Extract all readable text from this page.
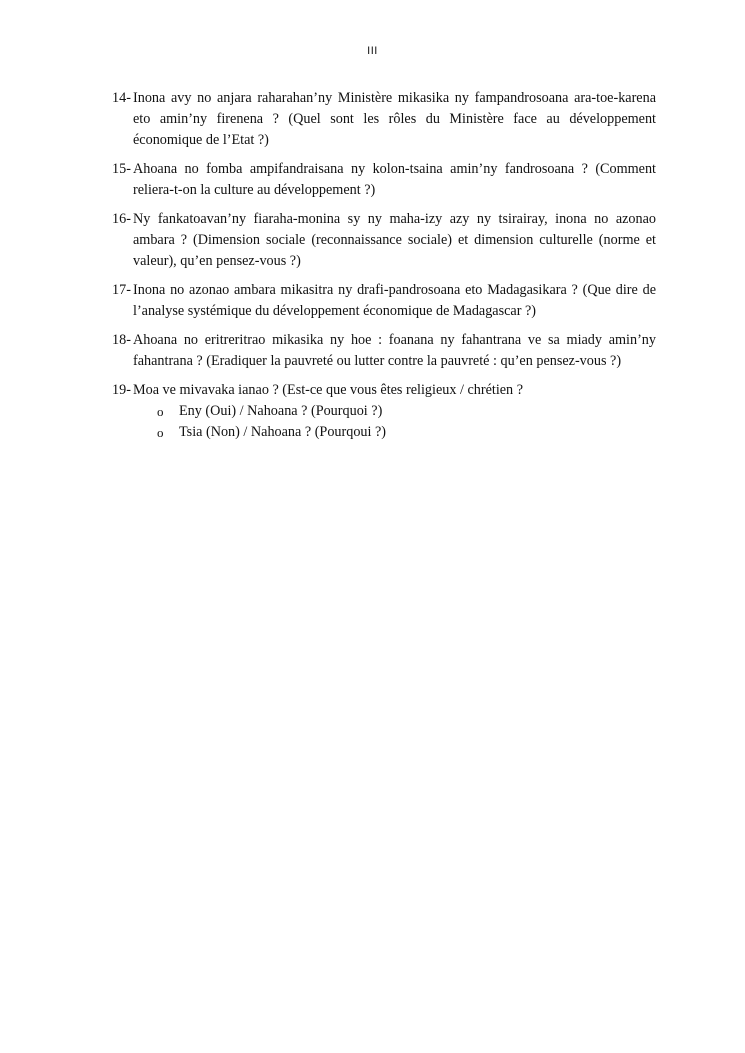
III
14- Inona avy no anjara raharahan’ny Ministère mikasika ny fampandrosoana ara-toe-karena eto amin’ny firenena ? (Quel sont les rôles du Ministère face au développement économique de l’Etat ?)
15- Ahoana no fomba ampifandraisana ny kolon-tsaina amin’ny fandrosoana ? (Comment reliera-t-on la culture au développement ?)
16- Ny fankatoavan’ny fiaraha-monina sy ny maha-izy azy ny tsirairay, inona no azonao ambara ? (Dimension sociale (reconnaissance sociale) et dimension culturelle (norme et valeur), qu’en pensez-vous ?)
17- Inona no azonao ambara mikasitra ny drafi-pandrosoana eto Madagasikara ? (Que dire de l’analyse systémique du développement économique de Madagascar ?)
18- Ahoana no eritreritrao mikasika ny hoe : foanana ny fahantrana ve sa miady amin’ny fahantrana ? (Eradiquer la pauvreté ou lutter contre la pauvreté : qu’en pensez-vous ?)
19- Moa ve mivavaka ianao ? (Est-ce que vous êtes religieux / chrétien ?
o	Eny (Oui) / Nahoana ? (Pourquoi ?)
o	Tsia (Non) / Nahoana ? (Pourqoui ?)
